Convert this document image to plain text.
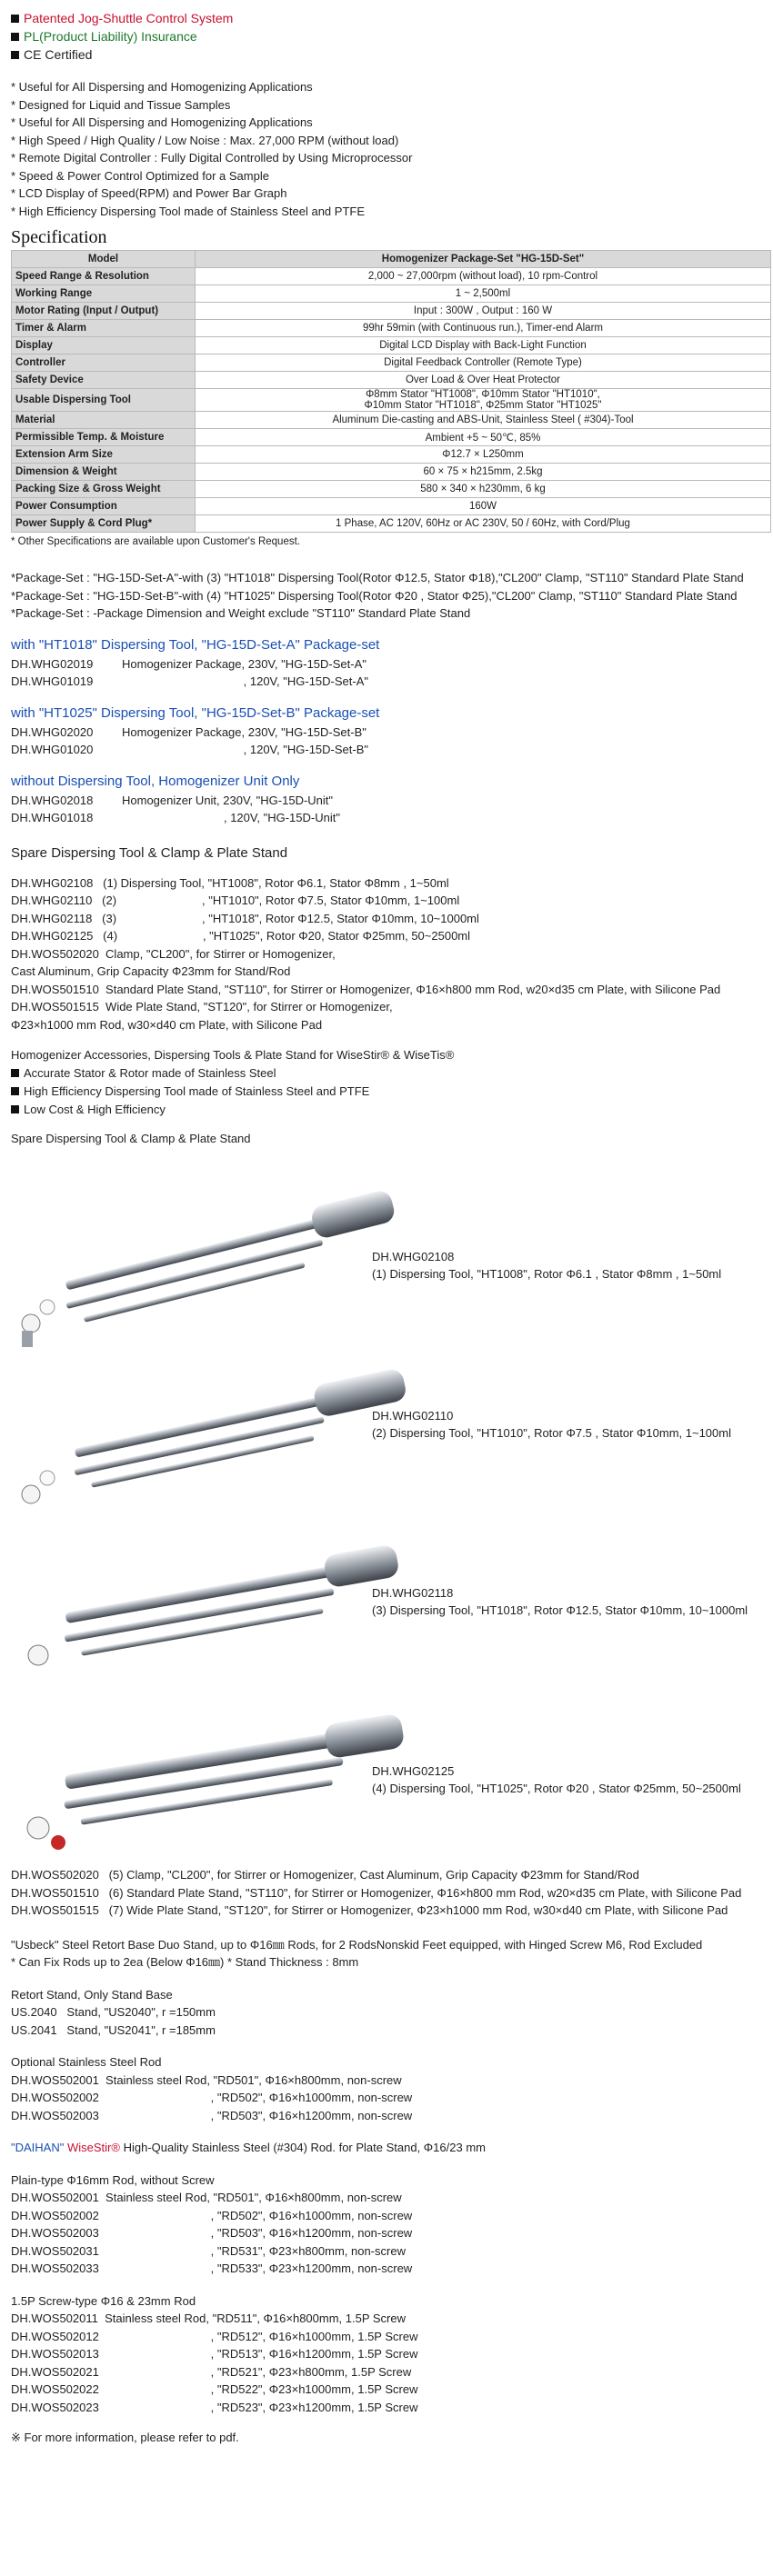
Patented Jog-Shuttle Control System
PL(Product Liability) Insurance
CE Certified
* Useful for All Dispersing and Homogenizing Applications
* Designed for Liquid and Tissue Samples
* Useful for All Dispersing and Homogenizing Applications
* High Speed / High Quality / Low Noise : Max. 27,000 RPM (without load)
* Remote Digital Controller : Fully Digital Controlled by Using Microprocessor
* Speed & Power Control Optimized for a Sample
* LCD Display of Speed(RPM) and Power Bar Graph
* High Efficiency Dispersing Tool made of Stainless Steel and PTFE
Specification
Model	Homogenizer Package-Set "HG-15D-Set"
Speed Range & Resolution	2,000 ~ 27,000rpm (without load), 10 rpm-Control
Working Range	1 ~ 2,500ml
Motor Rating (Input / Output)	Input : 300W , Output : 160 W
Timer & Alarm	99hr 59min (with Continuous run.), Timer-end Alarm
Display	Digital LCD Display with Back-Light Function
Controller	Digital Feedback Controller (Remote Type)
Safety Device	Over Load & Over Heat Protector
Usable Dispersing Tool	Φ8mm Stator "HT1008", Φ10mm Stator "HT1010",
Φ10mm Stator "HT1018", Φ25mm Stator "HT1025"
Material	Aluminum Die-casting and ABS-Unit, Stainless Steel ( #304)-Tool
Permissible Temp. & Moisture	Ambient +5 ~ 50℃, 85%
Extension Arm Size	Φ12.7 × L250mm
Dimension & Weight	60 × 75 × h215mm, 2.5kg
Packing Size & Gross Weight	580 × 340 × h230mm, 6 kg
Power Consumption	160W
Power Supply & Cord Plug*	1 Phase, AC 120V, 60Hz or AC 230V, 50 / 60Hz, with Cord/Plug
* Other Specifications are available upon Customer's Request.
*Package-Set : "HG-15D-Set-A"-with (3) "HT1018" Dispersing Tool(Rotor Φ12.5, Stator Φ18),"CL200" Clamp, "ST110" Standard Plate Stand
*Package-Set : "HG-15D-Set-B"-with (4) "HT1025" Dispersing Tool(Rotor Φ20 , Stator Φ25),"CL200" Clamp, "ST110" Standard Plate Stand
*Package-Set : -Package Dimension and Weight exclude "ST110" Standard Plate Stand
with "HT1018" Dispersing Tool, "HG-15D-Set-A" Package-set
DH.WHG02019 Homogenizer Package, 230V, "HG-15D-Set-A"
DH.WHG01019                                     , 120V, "HG-15D-Set-A"
with "HT1025" Dispersing Tool, "HG-15D-Set-B" Package-set
DH.WHG02020 Homogenizer Package, 230V, "HG-15D-Set-B"
DH.WHG01020                                     , 120V, "HG-15D-Set-B"
without Dispersing Tool, Homogenizer Unit Only
DH.WHG02018 Homogenizer Unit, 230V, "HG-15D-Unit"
DH.WHG01018                               , 120V, "HG-15D-Unit"
Spare Dispersing Tool & Clamp & Plate Stand
DH.WHG02108   (1) Dispersing Tool, "HT1008", Rotor Φ6.1, Stator Φ8mm , 1~50ml
DH.WHG02110   (2)                          , "HT1010", Rotor Φ7.5, Stator Φ10mm, 1~100ml
DH.WHG02118   (3)                          , "HT1018", Rotor Φ12.5, Stator Φ10mm, 10~1000ml
DH.WHG02125   (4)                          , "HT1025", Rotor Φ20, Stator Φ25mm, 50~2500ml
DH.WOS502020  Clamp, "CL200", for Stirrer or Homogenizer,
Cast Aluminum, Grip Capacity Φ23mm for Stand/Rod
DH.WOS501510  Standard Plate Stand, "ST110", for Stirrer or Homogenizer, Φ16×h800 mm Rod, w20×d35 cm Plate, with Silicone Pad
DH.WOS501515  Wide Plate Stand, "ST120", for Stirrer or Homogenizer,
Φ23×h1000 mm Rod, w30×d40 cm Plate, with Silicone Pad
Homogenizer Accessories, Dispersing Tools & Plate Stand for WiseStir® & WiseTis®
Accurate Stator & Rotor made of Stainless Steel
High Efficiency Dispersing Tool made of Stainless Steel and PTFE
Low Cost & High Efficiency
Spare Dispersing Tool & Clamp & Plate Stand
DH.WHG02108
(1) Dispersing Tool, "HT1008", Rotor Φ6.1 , Stator Φ8mm , 1~50ml
DH.WHG02110
(2) Dispersing Tool, "HT1010", Rotor Φ7.5 , Stator Φ10mm, 1~100ml
DH.WHG02118
(3) Dispersing Tool, "HT1018", Rotor Φ12.5, Stator Φ10mm, 10~1000ml
DH.WHG02125
(4) Dispersing Tool, "HT1025", Rotor Φ20 , Stator Φ25mm, 50~2500ml
DH.WOS502020   (5) Clamp, "CL200", for Stirrer or Homogenizer, Cast Aluminum, Grip Capacity Φ23mm for Stand/Rod
DH.WOS501510   (6) Standard Plate Stand, "ST110", for Stirrer or Homogenizer, Φ16×h800 mm Rod, w20×d35 cm Plate, with Silicone Pad
DH.WOS501515   (7) Wide Plate Stand, "ST120", for Stirrer or Homogenizer, Φ23×h1000 mm Rod, w30×d40 cm Plate, with Silicone Pad
"Usbeck" Steel Retort Base Duo Stand, up to Φ16㎜ Rods, for 2 RodsNonskid Feet equipped, with Hinged Screw M6, Rod Excluded
* Can Fix Rods up to 2ea (Below Φ16㎜) * Stand Thickness : 8mm
Retort Stand, Only Stand Base
US.2040   Stand, "US2040", r =150mm
US.2041   Stand, "US2041", r =185mm
Optional Stainless Steel Rod
DH.WOS502001  Stainless steel Rod, "RD501", Φ16×h800mm, non-screw
DH.WOS502002                                  , "RD502", Φ16×h1000mm, non-screw
DH.WOS502003                                  , "RD503", Φ16×h1200mm, non-screw
"DAIHAN" WiseStir® High-Quality Stainless Steel (#304) Rod. for Plate Stand, Φ16/23 mm
Plain-type Φ16mm Rod, without Screw
DH.WOS502001  Stainless steel Rod, "RD501", Φ16×h800mm, non-screw
DH.WOS502002                                  , "RD502", Φ16×h1000mm, non-screw
DH.WOS502003                                  , "RD503", Φ16×h1200mm, non-screw
DH.WOS502031                                  , "RD531", Φ23×h800mm, non-screw
DH.WOS502033                                  , "RD533", Φ23×h1200mm, non-screw
1.5P Screw-type Φ16 & 23mm Rod
DH.WOS502011  Stainless steel Rod, "RD511", Φ16×h800mm, 1.5P Screw
DH.WOS502012                                  , "RD512", Φ16×h1000mm, 1.5P Screw
DH.WOS502013                                  , "RD513", Φ16×h1200mm, 1.5P Screw
DH.WOS502021                                  , "RD521", Φ23×h800mm, 1.5P Screw
DH.WOS502022                                  , "RD522", Φ23×h1000mm, 1.5P Screw
DH.WOS502023                                  , "RD523", Φ23×h1200mm, 1.5P Screw
※ For more information, please refer to pdf.
